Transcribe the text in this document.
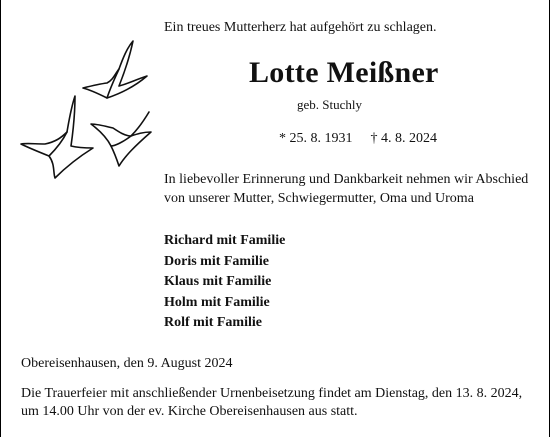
Ein treues Mutterherz hat aufgehört zu schlagen.
Lotte Meißner
geb. Stuchly
* 25. 8. 1931 † 4. 8. 2024
In liebevoller Erinnerung und Dankbarkeit nehmen wir Abschied
von unserer Mutter, Schwiegermutter, Oma und Uroma
Richard mit Familie
Doris mit Familie
Klaus mit Familie
Holm mit Familie
Rolf mit Familie
Obereisenhausen, den 9. August 2024
Die Trauerfeier mit anschließender Urnenbeisetzung findet am Dienstag, den 13. 8. 2024,
um 14.00 Uhr von der ev. Kirche Obereisenhausen aus statt.
